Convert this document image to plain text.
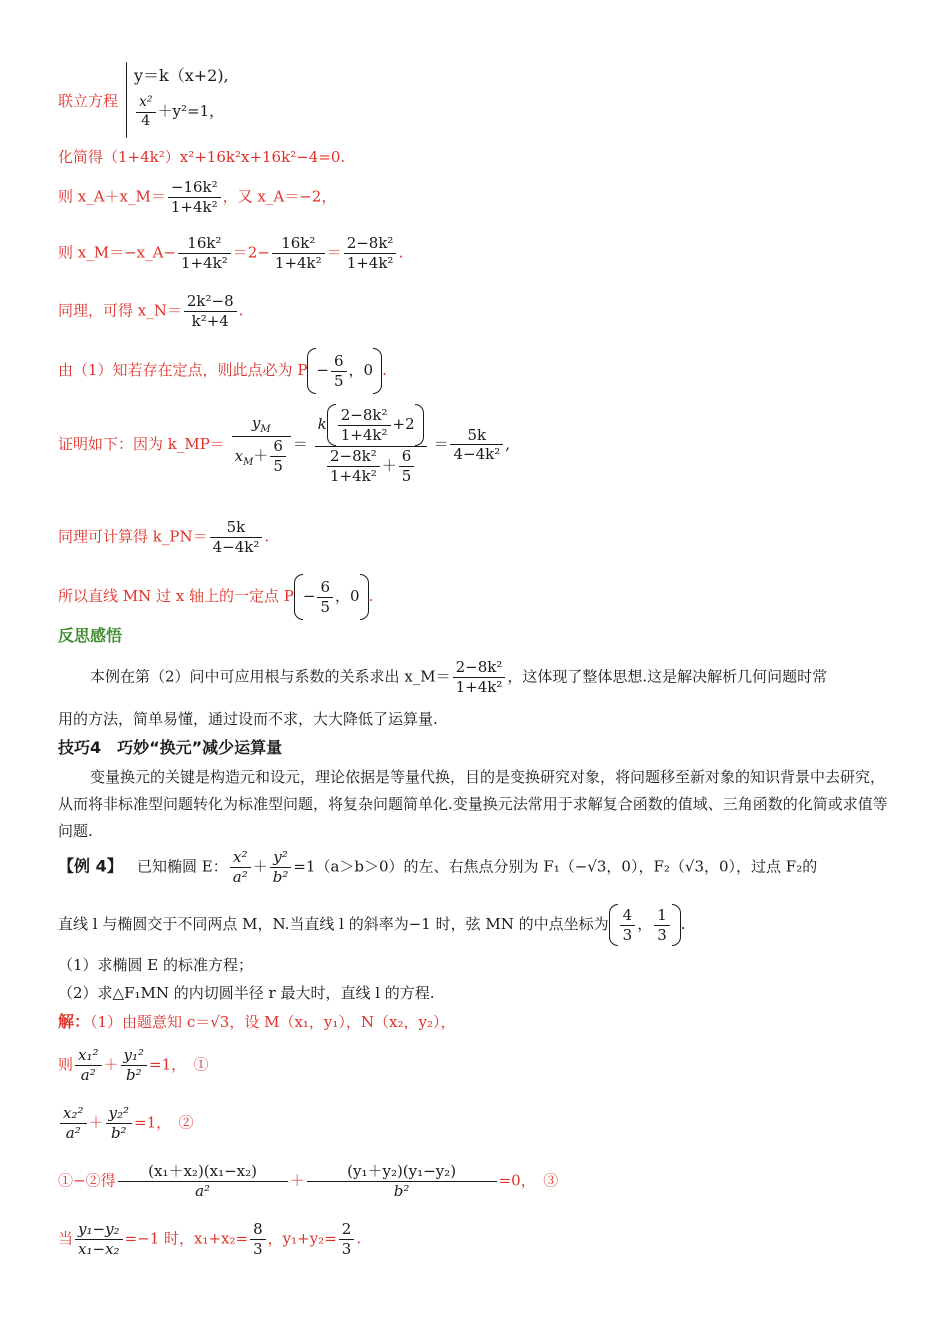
联立方程
y＝k（x+2),
$\frac{\text{x²}}{4} +y^2=1$，
化简得（1+4k²）x²+16k²x+16k²−4=0.
则 x_A＋x_M＝ $\frac{\text{−16k²}}{\text{1+4k²}}$ ，又 x_A＝−2，
则 x_M＝−x_A− $\frac{\text{16k²}}{\text{1+4k²}} =2- \frac{\text{16k²}}{\text{1+4k²}} = \frac{\text{2−8k²}}{\text{1+4k²}}$ .
同理，可得 x_N＝ $\frac{\text{2k²−8}}{\text{k²+4}}$ .
由（1）知若存在定点，则此点必为 $P - \frac{6}{5}$ ，0 .
证明如下：因为 k_MP＝ $\frac{y_M}{x_M+ \frac{6}{5}} = \frac{k \frac{\text{2−8k²}}{\text{1+4k²}} +2}{\frac{\text{2−8k²}}{\text{1+4k²}} + \frac{6}{5}} = \frac{5k}{\text{4−4k²}}$ ,
同理可计算得 k_PN＝ $\frac{5k}{\text{4−4k²}}$ .
所以直线 MN 过 x 轴上的一定点 $P - \frac{6}{5}$ ，0 .
反思感悟
本例在第（2）问中可应用根与系数的关系求出 x_M＝ $\frac{\text{2−8k²}}{\text{1+4k²}}$ ，这体现了整体思想.这是解决解析几何问题时常
用的方法，简单易懂，通过设而不求，大大降低了运算量.
技巧4　巧妙“换元”减少运算量
变量换元的关键是构造元和设元，理论依据是等量代换，目的是变换研究对象，将问题移至新对象的知识背景中去研究，从而将非标准型问题转化为标准型问题，将复杂问题简单化.变量换元法常用于求解复合函数的值域、三角函数的化简或求值等问题.
【例 4】 已知椭圆 E： $\frac{\text{x²}}{\text{a²}} + \frac{\text{y²}}{\text{b²}} =1(a>b>0)$的左、右焦点分别为 F₁（−√3，0），F₂（√3，0），过点 F₂的
直线 l 与椭圆交于不同两点 M，N.当直线 l 的斜率为−1 时，弦 MN 的中点坐标为 $\frac{4}{3}$ ， $\frac{1}{3}$ .
（1）求椭圆 E 的标准方程；
（2）求△F₁MN 的内切圆半径 r 最大时，直线 l 的方程.
解：（1）由题意知 c＝√3，设 M（x₁，y₁），N（x₂，y₂），
则 $\frac{\text{x₁²}}{\text{a²}} + \frac{\text{y₁²}}{\text{b²}} =1$，　①
$\frac{\text{x₂²}}{\text{a²}} + \frac{\text{y₂²}}{\text{b²}} =1$，　②
①−②得 $\frac{\text{(x₁＋x₂)(x₁−x₂)}}{\text{a²}} + \frac{\text{(y₁＋y₂)(y₁−y₂)}}{\text{b²}} =0$，　③
当 $\frac{\text{y₁−y₂}}{\text{x₁−x₂}} =-1$ 时，$x_1+x_2= \frac{8}{3}$ ，$y_1+y_2= \frac{2}{3}$ .
